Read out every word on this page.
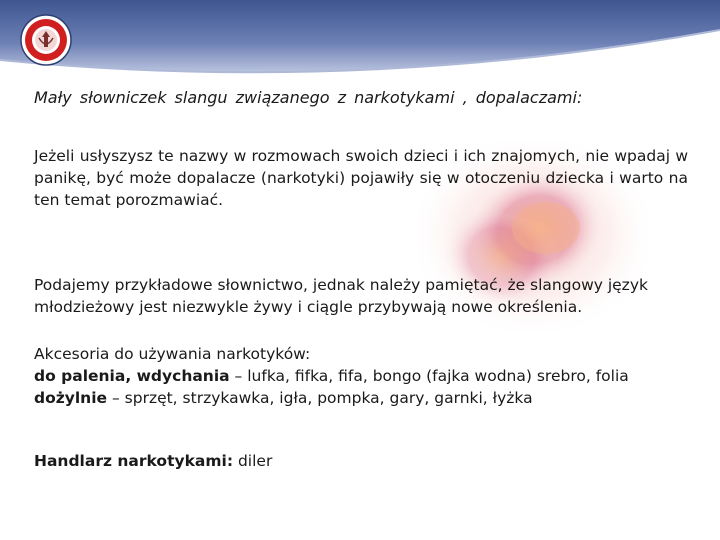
Mały słowniczek slangu związanego z narkotykami , dopalaczami:
Jeżeli usłyszysz te nazwy w rozmowach swoich dzieci i ich znajomych, nie wpadaj w panikę, być może dopalacze (narkotyki) pojawiły się w otoczeniu dziecka i warto na ten temat porozmawiać.
Podajemy przykładowe słownictwo, jednak należy pamiętać, że slangowy język młodzieżowy jest niezwykle żywy i ciągle przybywają nowe określenia.
Akcesoria do używania narkotyków:
do palenia, wdychania – lufka, fifka, fifa, bongo (fajka wodna) srebro, folia
dożylnie – sprzęt, strzykawka, igła, pompka, gary, garnki, łyżka
Handlarz narkotykami: diler
